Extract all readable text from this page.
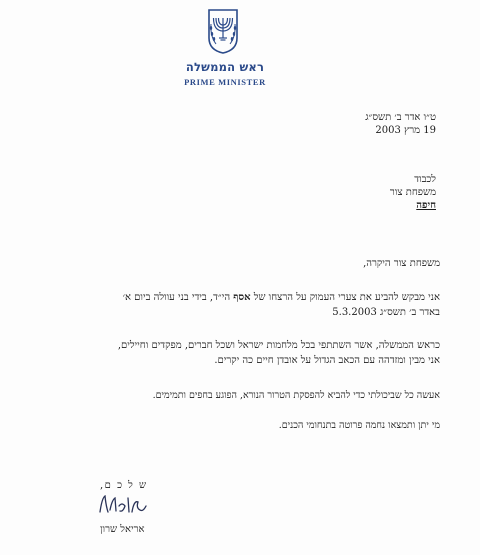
ראש הממשלה
PRIME MINISTER
ט״ו אדר ב׳ תשס״ג
19 מרץ 2003
לכבוד
משפחת צור
חיפה
משפחת צור היקרה,
אני מבקש להביע את צערי העמוק על הרצחו של אסף הי״ד, בידי בני עוולה ביום א׳
באדר ב׳ תשס״ג 5.3.2003
כראש הממשלה, אשר השתתפי בכל מלחמות ישראל ושכל חברים, מפקדים וחיילים,
אני מבין ומזדהה עם הכאב הגדול על אובדן חיים כה יקרים.
אעשה כל שביכולתי כדי להביא להפסקת הטרור הנורא, הפוגע בחפים ותמימים.
מי יתן ותמצאו נחמה פרוטה בתנחומי הכנים.
ש ל כ ם,
אריאל שרון
